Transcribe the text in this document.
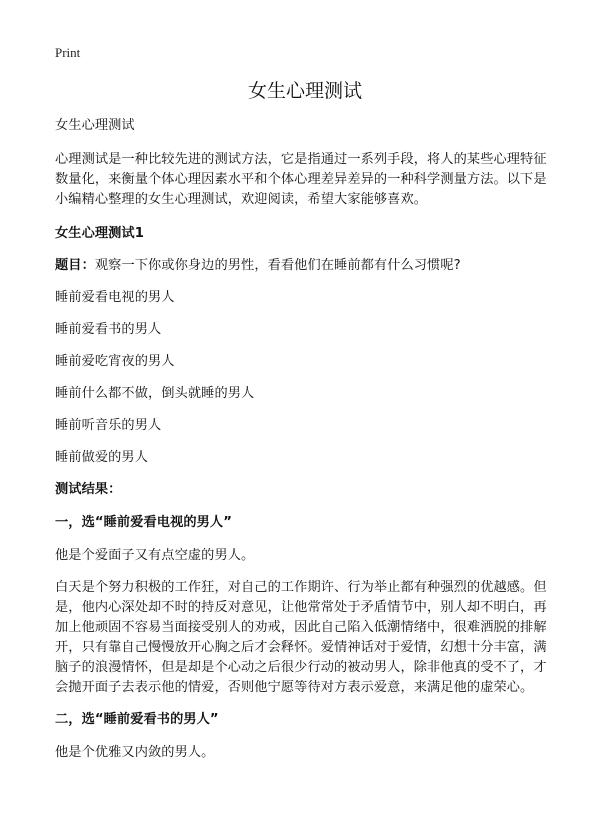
Print
女生心理测试

女生心理测试

心理测试是一种比较先进的测试方法，它是指通过一系列手段，将人的某些心理特征数量化，来衡量个体心理因素水平和个体心理差异差异的一种科学测量方法。以下是小编精心整理的女生心理测试，欢迎阅读，希望大家能够喜欢。

女生心理测试1

题目：观察一下你或你身边的男性，看看他们在睡前都有什么习惯呢?

睡前爱看电视的男人

睡前爱看书的男人

睡前爱吃宵夜的男人

睡前什么都不做，倒头就睡的男人

睡前听音乐的男人

睡前做爱的男人

测试结果：

一，选“睡前爱看电视的男人”

他是个爱面子又有点空虚的男人。

白天是个努力积极的工作狂，对自己的工作期许、行为举止都有种强烈的优越感。但是，他内心深处却不时的持反对意见，让他常常处于矛盾情节中，别人却不明白，再加上他顽固不容易当面接受别人的劝戒，因此自己陷入低潮情绪中，很难洒脱的排解开，只有靠自己慢慢放开心胸之后才会释怀。爱情神话对于爱情，幻想十分丰富，满脑子的浪漫情怀，但是却是个心动之后很少行动的被动男人，除非他真的受不了，才会抛开面子去表示他的情爱，否则他宁愿等待对方表示爱意，来满足他的虚荣心。

二，选“睡前爱看书的男人”

他是个优雅又内敛的男人。
